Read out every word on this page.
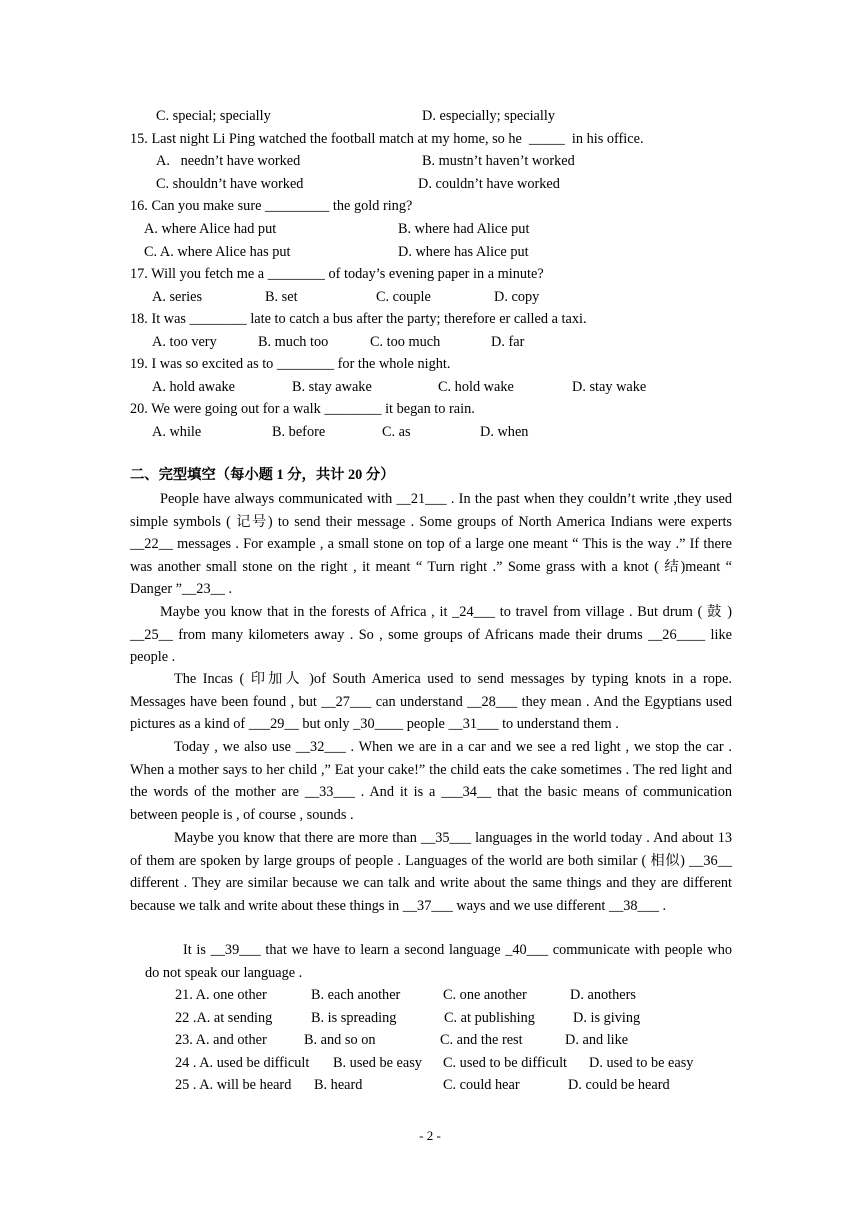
C. special; specially	D. especially; specially
15. Last night Li Ping watched the football match at my home, so he  _____  in his office.
A.   needn’t have worked	B. mustn’t haven’t worked
C. shouldn’t have worked	D. couldn’t have worked
16. Can you make sure _________ the gold ring?
A. where Alice had put	B. where had Alice put
C. A. where Alice has put	D. where has Alice put
17. Will you fetch me a ________ of today’s evening paper in a minute?
A. series	B. set	C. couple	D. copy
18. It was ________ late to catch a bus after the party; therefore er called a taxi.
A. too very	B. much too	C. too much	D. far
19. I was so excited as to ________ for the whole night.
A. hold awake	B. stay awake	C. hold wake	D. stay wake
20. We were going out for a walk ________ it began to rain.
A. while	B. before	C. as	D. when
二、完型填空（每小题 1 分，共计 20 分）
People have always communicated with __21___ . In the past when they couldn’t write ,they used simple symbols ( 记号) to send their message . Some groups of North America Indians were experts __22__ messages . For example , a small stone on top of a large one meant “ This is the way .” If there was another small stone on the right , it meant “ Turn right .” Some grass with a knot ( 结)meant “ Danger ”__23__ .
Maybe you know that in the forests of Africa , it _24___ to travel from village . But drum ( 鼓 ) __25__ from many kilometers away . So , some groups of Africans made their drums __26____ like people .
The Incas ( 印加人 )of South America used to send messages by typing knots in a rope. Messages have been found , but __27___ can understand __28___ they mean . And the Egyptians used pictures as a kind of ___29__ but only _30____ people __31___ to understand them .
Today , we also use __32___ . When we are in a car and we see a red light , we stop the car . When a mother says to her child ,” Eat your cake!” the child eats the cake sometimes . The red light and the words of the mother are __33___ . And it is a ___34__ that the basic means of communication between people is , of course , sounds .
Maybe you know that there are more than __35___ languages in the world today . And about 13 of them are spoken by large groups of people . Languages of the world are both similar ( 相似) __36__ different . They are similar because we can talk and write about the same things and they are different because we talk and write about these things in __37___ ways and we use different __38___ .
It is __39___ that we have to learn a second language _40___ communicate with people who do not speak our language .
21. A. one other	B. each another	C. one another	D. anothers
22 .A. at sending	B. is spreading	C. at publishing	D. is giving
23. A. and other	B. and so on	C. and the rest	D. and like
24 . A. used be difficult B. used be easy C. used to be difficult D. used to be easy
25 . A. will be heard B. heard	C. could hear	D. could be heard
- 2 -
